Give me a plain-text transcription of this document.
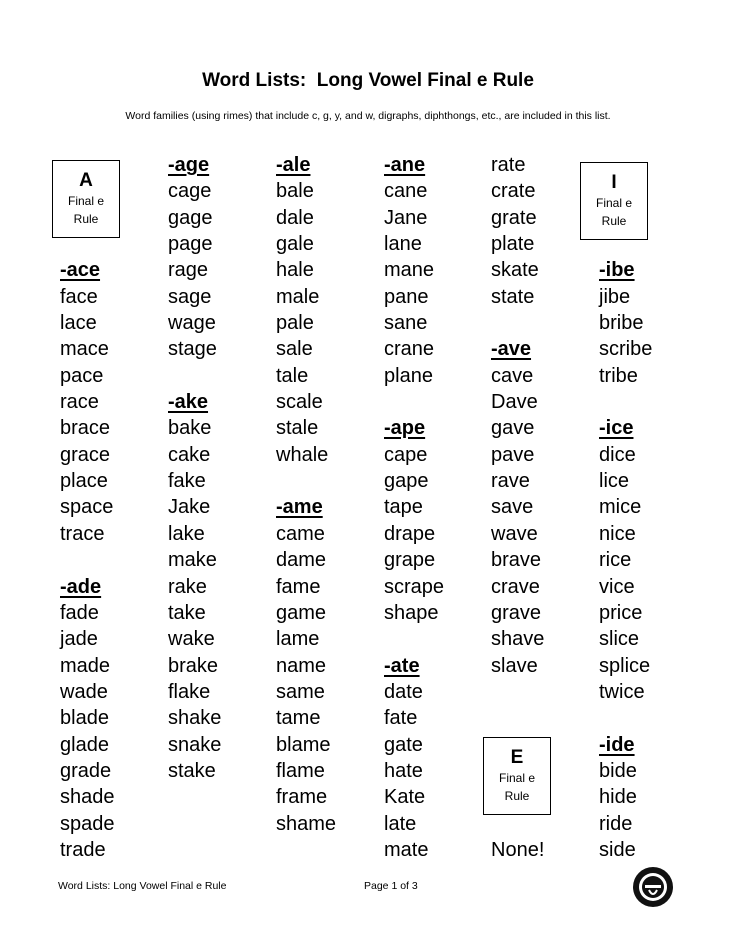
Word Lists:  Long Vowel Final e Rule
Word families (using rimes) that include c, g, y, and w, digraphs, diphthongs, etc., are included in this list.
A
Final e
Rule
I
Final e
Rule
E
Final e
Rule
-ace
face
lace
mace
pace
race
brace
grace
place
space
trace
-ade
fade
jade
made
wade
blade
glade
grade
shade
spade
trade
-age
cage
gage
page
rage
sage
wage
stage
-ake
bake
cake
fake
Jake
lake
make
rake
take
wake
brake
flake
shake
snake
stake
-ale
bale
dale
gale
hale
male
pale
sale
tale
scale
stale
whale
-ame
came
dame
fame
game
lame
name
same
tame
blame
flame
frame
shame
-ane
cane
Jane
lane
mane
pane
sane
crane
plane
-ape
cape
gape
tape
drape
grape
scrape
shape
-ate
date
fate
gate
hate
Kate
late
mate
rate
crate
grate
plate
skate
state
-ave
cave
Dave
gave
pave
rave
save
wave
brave
crave
grave
shave
slave
None!
-ibe
jibe
bribe
scribe
tribe
-ice
dice
lice
mice
nice
rice
vice
price
slice
splice
twice
-ide
bide
hide
ride
side
Word Lists: Long Vowel Final e Rule	Page 1 of 3
